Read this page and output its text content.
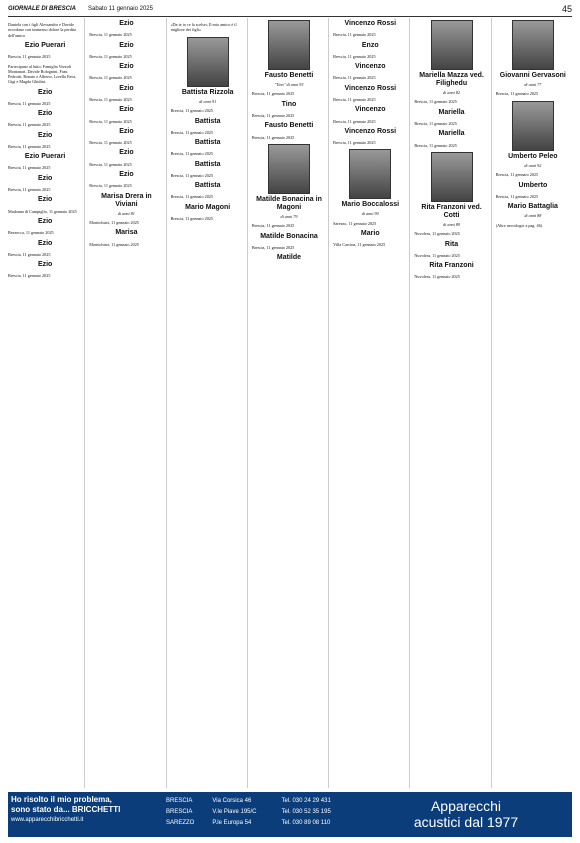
GIORNALE DI BRESCIA Sabato 11 gennaio 2025	45

Daniela con i figli Alessandro e Davide ricordano con immenso dolore la perdita dell'amico

Ezio Puerari

Brescia, 11 gennaio 2025

Partecipano al lutto: Famiglia Vezzoli Montanari, Davide Bolognini, Fam. Pedrotti, Renato e Alberto, Lorella Fava, Gigi e Magda Ghidini.

Ezio

Brescia, 11 gennaio 2025

Ezio

Brescia, 11 gennaio 2025

Ezio

Brescia, 11 gennaio 2025

Ezio Puerari

Brescia, 11 gennaio 2025

Ezio

Brescia, 11 gennaio 2025

Ezio

Madonna di Campiglio, 11 gennaio 2025

Ezio

Bezzecca, 11 gennaio 2025

Ezio

Brescia, 11 gennaio 2025

Ezio

Brescia, 11 gennaio 2025

Ezio

Brescia, 11 gennaio 2025

Ezio

Brescia, 11 gennaio 2025

Ezio

Brescia, 11 gennaio 2025

Ezio

Brescia, 11 gennaio 2025

Ezio

Brescia, 11 gennaio 2025

Ezio

Brescia, 11 gennaio 2025

Ezio

Brescia, 11 gennaio 2025

Ezio

Brescia, 11 gennaio 2025

Marisa Drera in Viviani
di anni 81

Montichiari, 11 gennaio 2025

Marisa

Montichiari, 11 gennaio 2025

«Da te io ce la scelse» Il mio amico è il migliore dei figli»

Battista Rizzola
di anni 91

Brescia, 11 gennaio 2025

Battista

Brescia, 11 gennaio 2025

Battista

Brescia, 11 gennaio 2025

Battista

Brescia, 11 gennaio 2025

Battista

Brescia, 11 gennaio 2025

Mario Magoni

Brescia, 11 gennaio 2025

Fausto Benetti
"Tino" di anni 93

Brescia, 11 gennaio 2025

Tino

Brescia, 11 gennaio 2025

Fausto Benetti

Brescia, 11 gennaio 2025

Matilde Bonacina in Magoni
di anni 79

Brescia, 11 gennaio 2025

Matilde Bonacina

Brescia, 11 gennaio 2025

Matilde
Vincenzo Rossi

Brescia, 11 gennaio 2025

Enzo

Brescia, 11 gennaio 2025

Vincenzo

Brescia, 11 gennaio 2025

Vincenzo Rossi

Brescia, 11 gennaio 2025

Vincenzo

Brescia, 11 gennaio 2025

Vincenzo Rossi

Brescia, 11 gennaio 2025

Mario Boccalossi
di anni 90

Sarezzo, 11 gennaio 2025

Mario

Villa Carcina, 11 gennaio 2025

Mariella Mazza ved. Filighedu
di anni 82

Brescia, 11 gennaio 2025

Mariella

Brescia, 11 gennaio 2025

Mariella

Brescia, 11 gennaio 2025

Rita Franzoni ved. Cotti
di anni 89

Nuvolera, 11 gennaio 2025

Rita

Nuvolera, 11 gennaio 2025

Rita Franzoni

Nuvolera, 11 gennaio 2025

Giovanni Gervasoni
di anni 77

Brescia, 11 gennaio 2025

Umberto Peleo
di anni 92

Brescia, 11 gennaio 2025

Umberto

Brescia, 11 gennaio 2025

Mario Battaglia
di anni 88

(Altre necrologie a pag. 46)

Ho risolto il mio problema,
sono stato da... BRICCHETTI
www.apparecchibricchetti.it
BRESCIA	Via Corsica 46	Tel. 030 24 29 431
BRESCIA	V.le Piave 195/C	Tel. 030 52 35 195
SAREZZO	P.le Europa 54	Tel. 030 89 08 110
Apparecchi
acustici dal 1977
